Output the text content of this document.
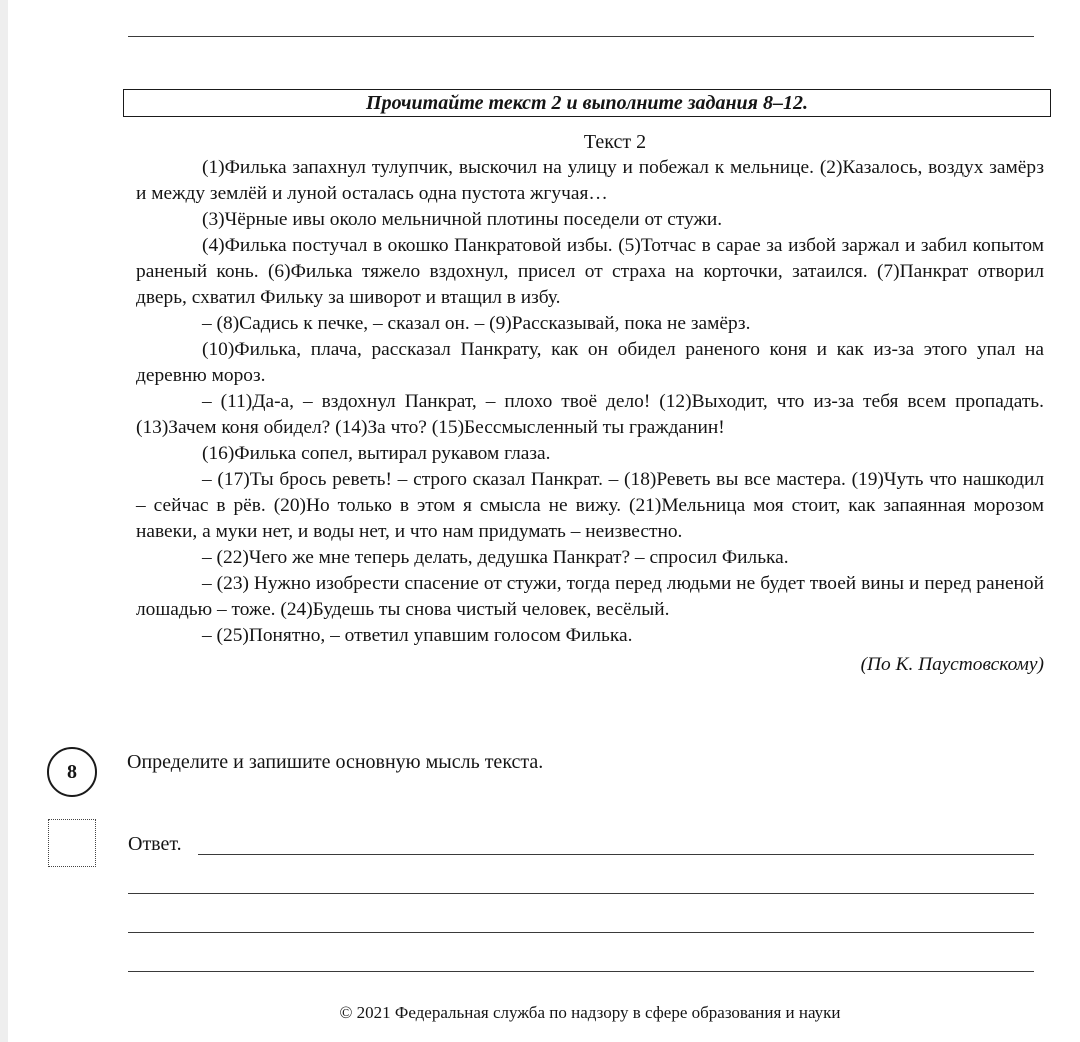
Прочитайте текст 2 и выполните задания 8–12.
Текст 2

(1)Филька запахнул тулупчик, выскочил на улицу и побежал к мельнице. (2)Казалось, воздух замёрз и между землёй и луной осталась одна пустота жгучая…

(3)Чёрные ивы около мельничной плотины поседели от стужи.

(4)Филька постучал в окошко Панкратовой избы. (5)Тотчас в сарае за избой заржал и забил копытом раненый конь. (6)Филька тяжело вздохнул, присел от страха на корточки, затаился. (7)Панкрат отворил дверь, схватил Фильку за шиворот и втащил в избу.

– (8)Садись к печке, – сказал он. – (9)Рассказывай, пока не замёрз.

(10)Филька, плача, рассказал Панкрату, как он обидел раненого коня и как из-за этого упал на деревню мороз.

– (11)Да-а, – вздохнул Панкрат, – плохо твоё дело! (12)Выходит, что из-за тебя всем пропадать. (13)Зачем коня обидел? (14)За что? (15)Бессмысленный ты гражданин!

(16)Филька сопел, вытирал рукавом глаза.

– (17)Ты брось реветь! – строго сказал Панкрат. – (18)Реветь вы все мастера. (19)Чуть что нашкодил – сейчас в рёв. (20)Но только в этом я смысла не вижу. (21)Мельница моя стоит, как запаянная морозом навеки, а муки нет, и воды нет, и что нам придумать – неизвестно.

– (22)Чего же мне теперь делать, дедушка Панкрат? – спросил Филька.

– (23) Нужно изобрести спасение от стужи, тогда перед людьми не будет твоей вины и перед раненой лошадью – тоже. (24)Будешь ты снова чистый человек, весёлый.

– (25)Понятно, – ответил упавшим голосом Филька.

(По К. Паустовскому)

8	Определите и запишите основную мысль текста.
Ответ.
© 2021 Федеральная служба по надзору в сфере образования и науки
